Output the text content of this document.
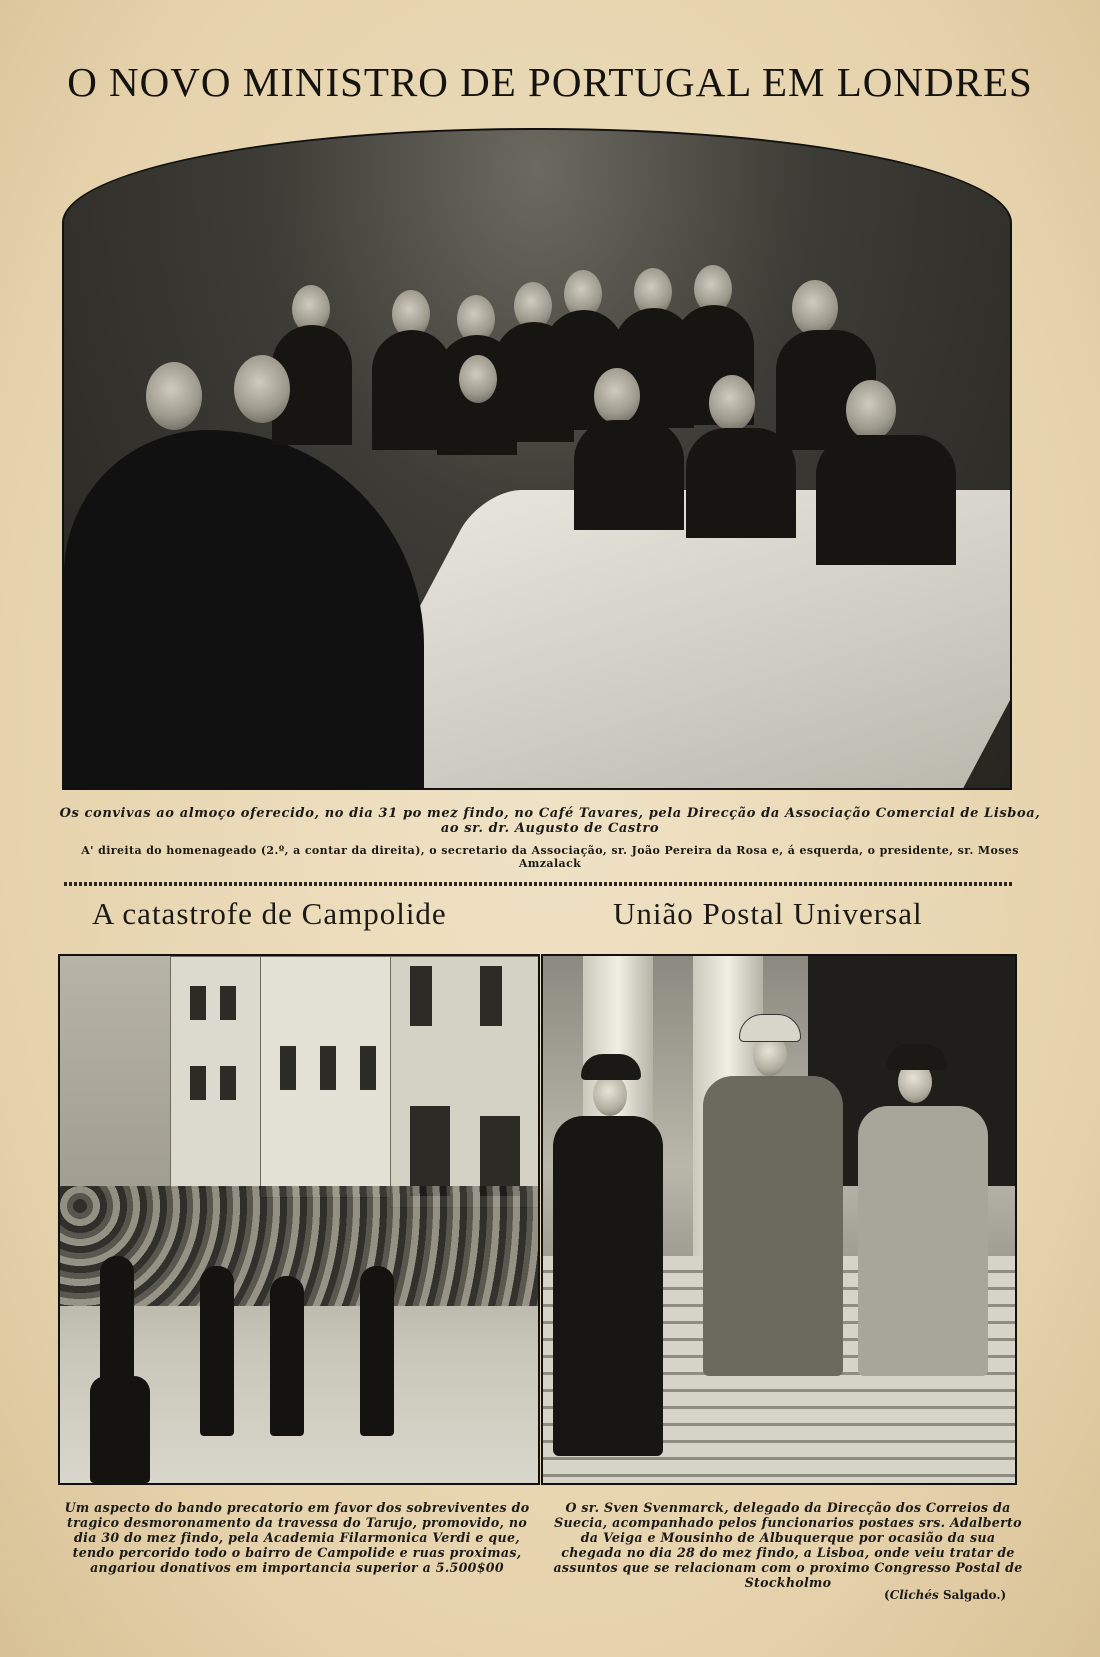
O NOVO MINISTRO DE PORTUGAL EM LONDRES
Os convivas ao almoço oferecido, no dia 31 po mez findo, no Café Tavares, pela Direcção da Associação Comercial de Lisboa, ao sr. dr. Augusto de Castro
A' direita do homenageado (2.º, a contar da direita), o secretario da Associação, sr. João Pereira da Rosa e, á esquerda, o presidente, sr. Moses Amzalack
A catastrofe de Campolide	União Postal Universal
Um aspecto do bando precatorio em favor dos sobreviventes do tragico desmoronamento da travessa do Tarujo, promovido, no dia 30 do mez findo, pela Academia Filarmonica Verdi e que, tendo percorido todo o bairro de Campolide e ruas proximas, angariou donativos em importancia superior a 5.500$00
O sr. Sven Svenmarck, delegado da Direcção dos Correios da Suecia, acompanhado pelos funcionarios postaes srs. Adalberto da Veiga e Mousinho de Albuquerque por ocasião da sua chegada no dia 28 do mez findo, a Lisboa, onde veiu tratar de assuntos que se relacionam com o proximo Congresso Postal de Stockholmo
(Clichés Salgado.)
